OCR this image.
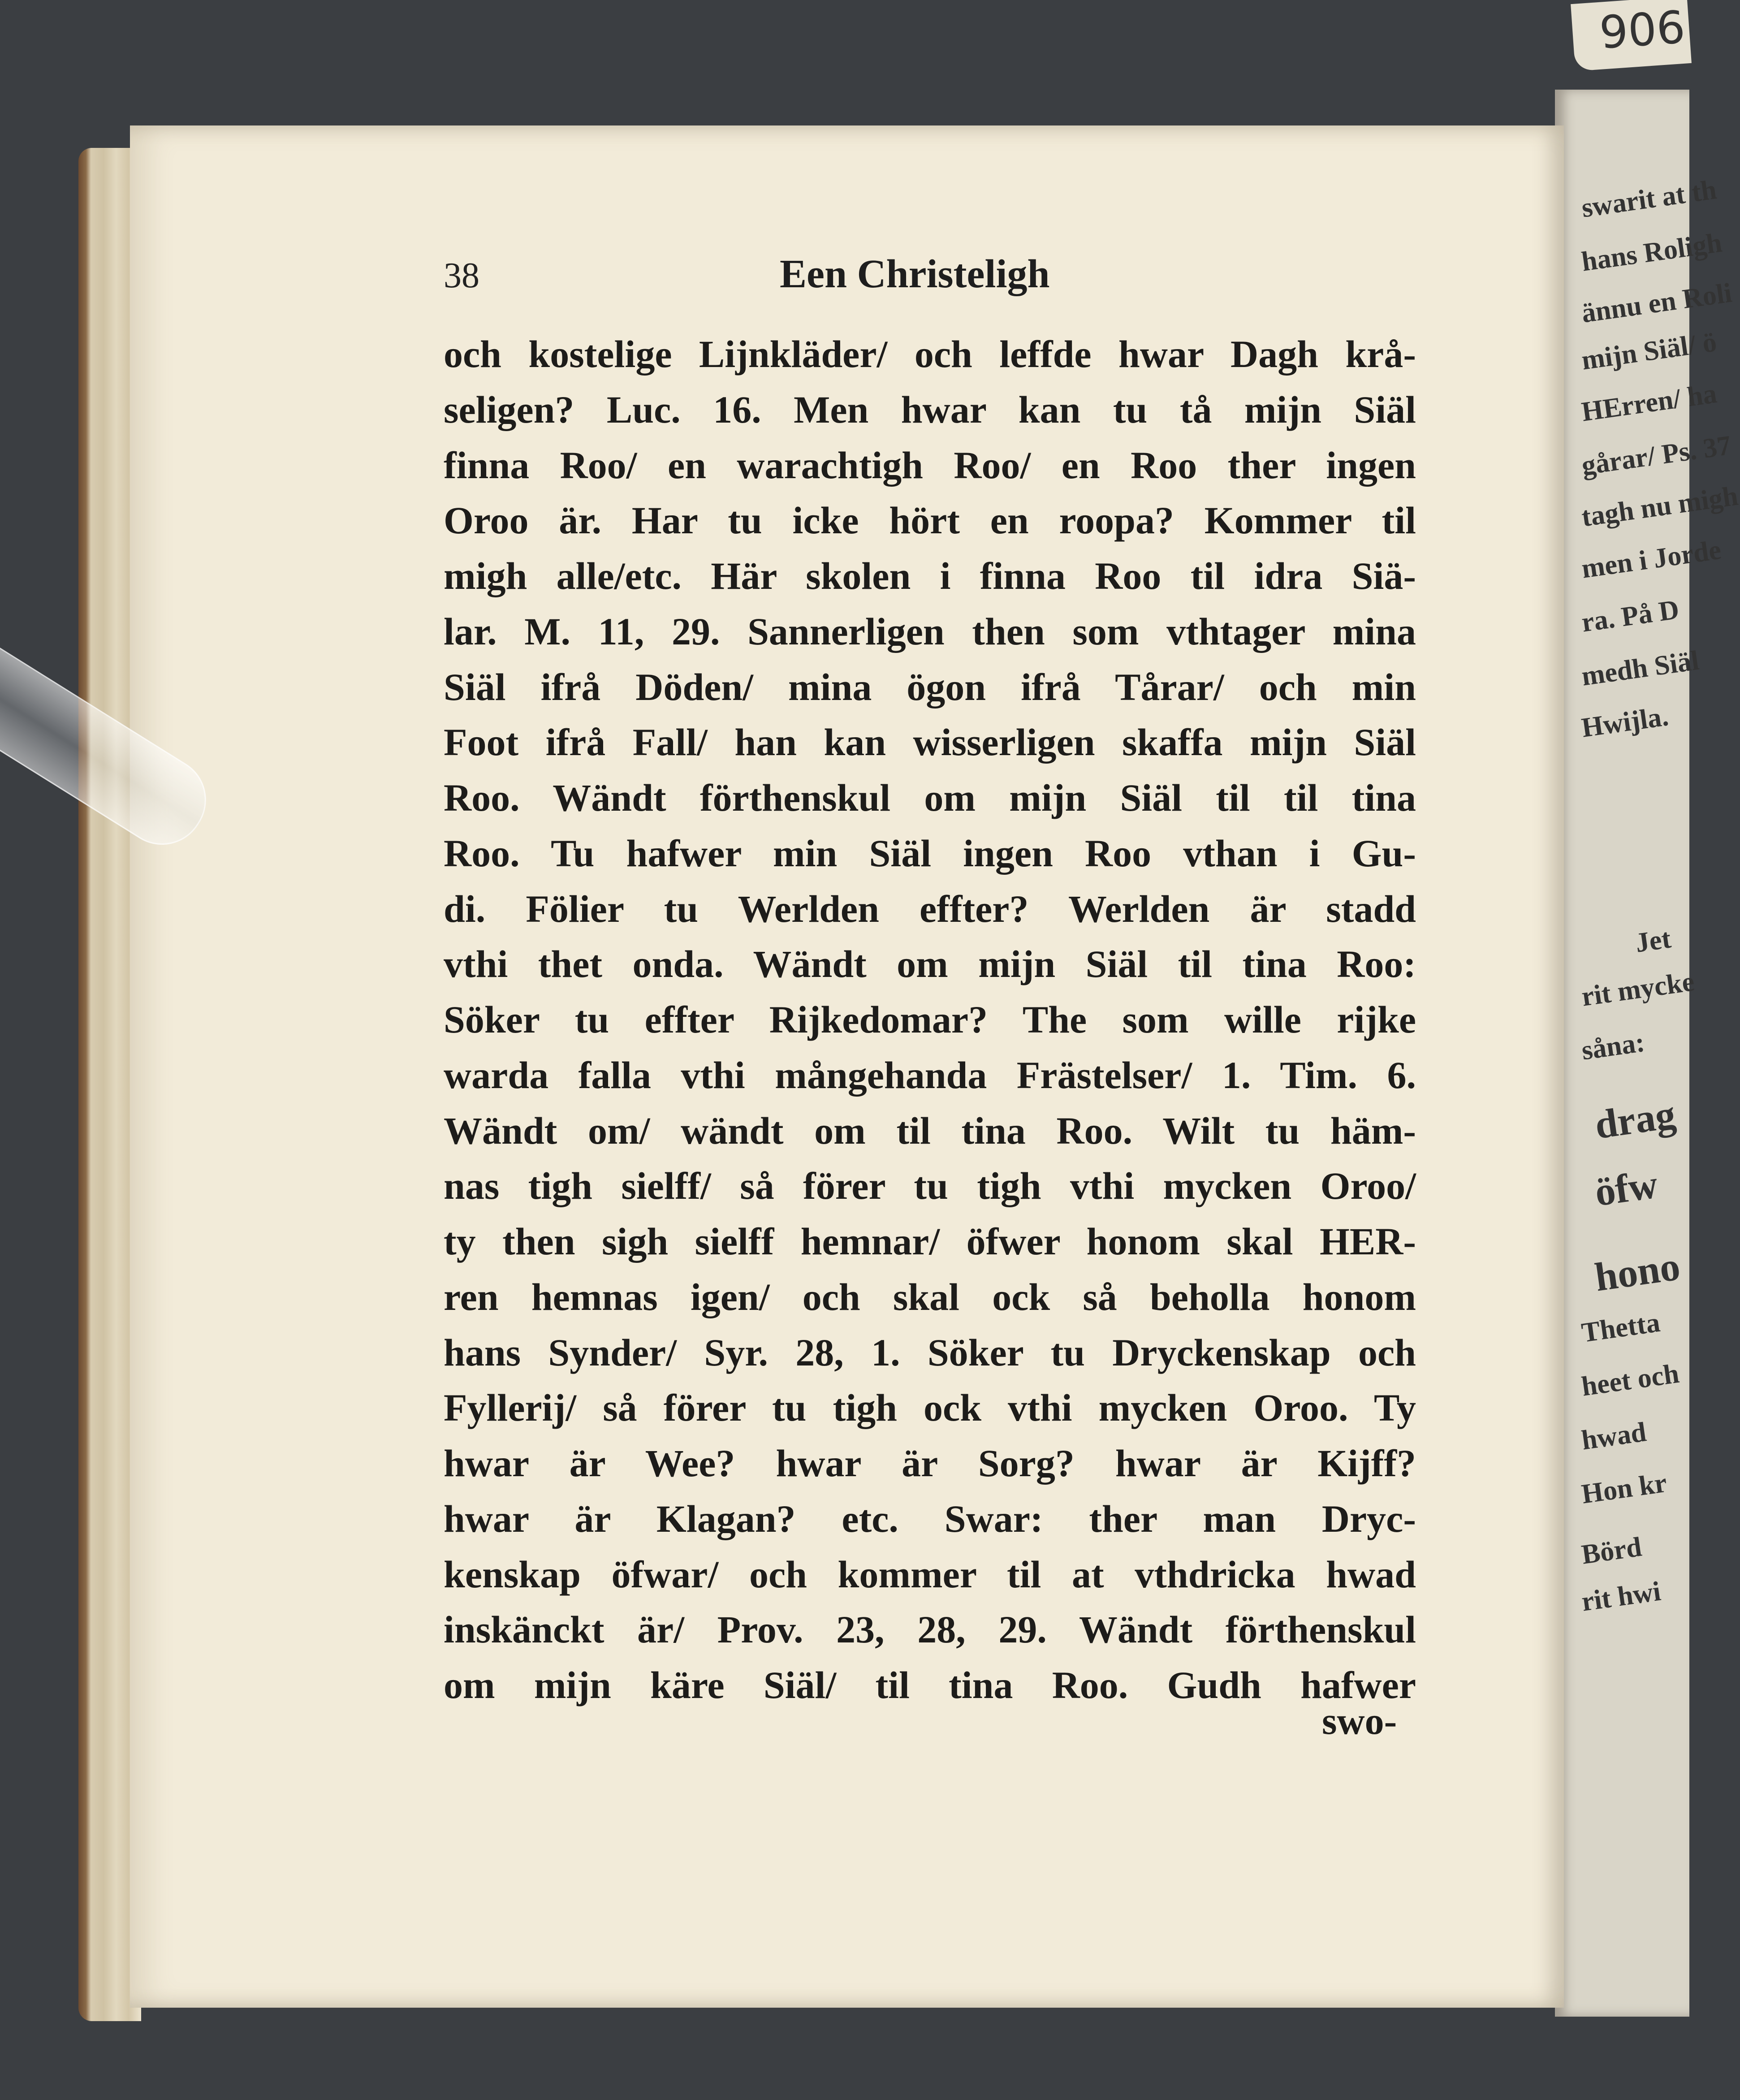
906
38	Een Christeligh
och kostelige Lijnkläder/ och leffde hwar Dagh krå-
seligen? Luc. 16. Men hwar kan tu tå mijn Siäl
finna Roo/ en warachtigh Roo/ en Roo ther ingen
Oroo är. Har tu icke hört en roopa? Kommer til
migh alle/etc. Här skolen i finna Roo til idra Siä-
lar. M. 11, 29. Sannerligen then som vthtager mina
Siäl ifrå Döden/ mina ögon ifrå Tårar/ och min
Foot ifrå Fall/ han kan wisserligen skaffa mijn Siäl
Roo. Wändt förthenskul om mijn Siäl til til tina
Roo. Tu hafwer min Siäl ingen Roo vthan i Gu-
di. Fölier tu Werlden effter? Werlden är stadd
vthi thet onda. Wändt om mijn Siäl til tina Roo:
Söker tu effter Rijkedomar? The som wille rijke
warda falla vthi mångehanda Frästelser/ 1. Tim. 6.
Wändt om/ wändt om til tina Roo. Wilt tu häm-
nas tigh sielff/ så förer tu tigh vthi mycken Oroo/
ty then sigh sielff hemnar/ öfwer honom skal HER-
ren hemnas igen/ och skal ock så beholla honom
hans Synder/ Syr. 28, 1. Söker tu Dryckenskap och
Fyllerij/ så förer tu tigh ock vthi mycken Oroo. Ty
hwar är Wee? hwar är Sorg? hwar är Kijff?
hwar är Klagan? etc. Swar: ther man Dryc-
kenskap öfwar/ och kommer til at vthdricka hwad
inskänckt är/ Prov. 23, 28, 29. Wändt förthenskul
om mijn käre Siäl/ til tina Roo. Gudh hafwer
swo-
swarit at th
hans Roligh
ännu en Roli
mijn Siäl/ ö
HErren/ ha
gårar/ Ps. 37
tagh nu migh
men i Jorde
ra. På D
medh Siäl
Hwijla.
Jet
rit mycke
såna:
drag
öfw
hono
Thetta
heet och
hwad
Hon kr
Börd
rit hwi
